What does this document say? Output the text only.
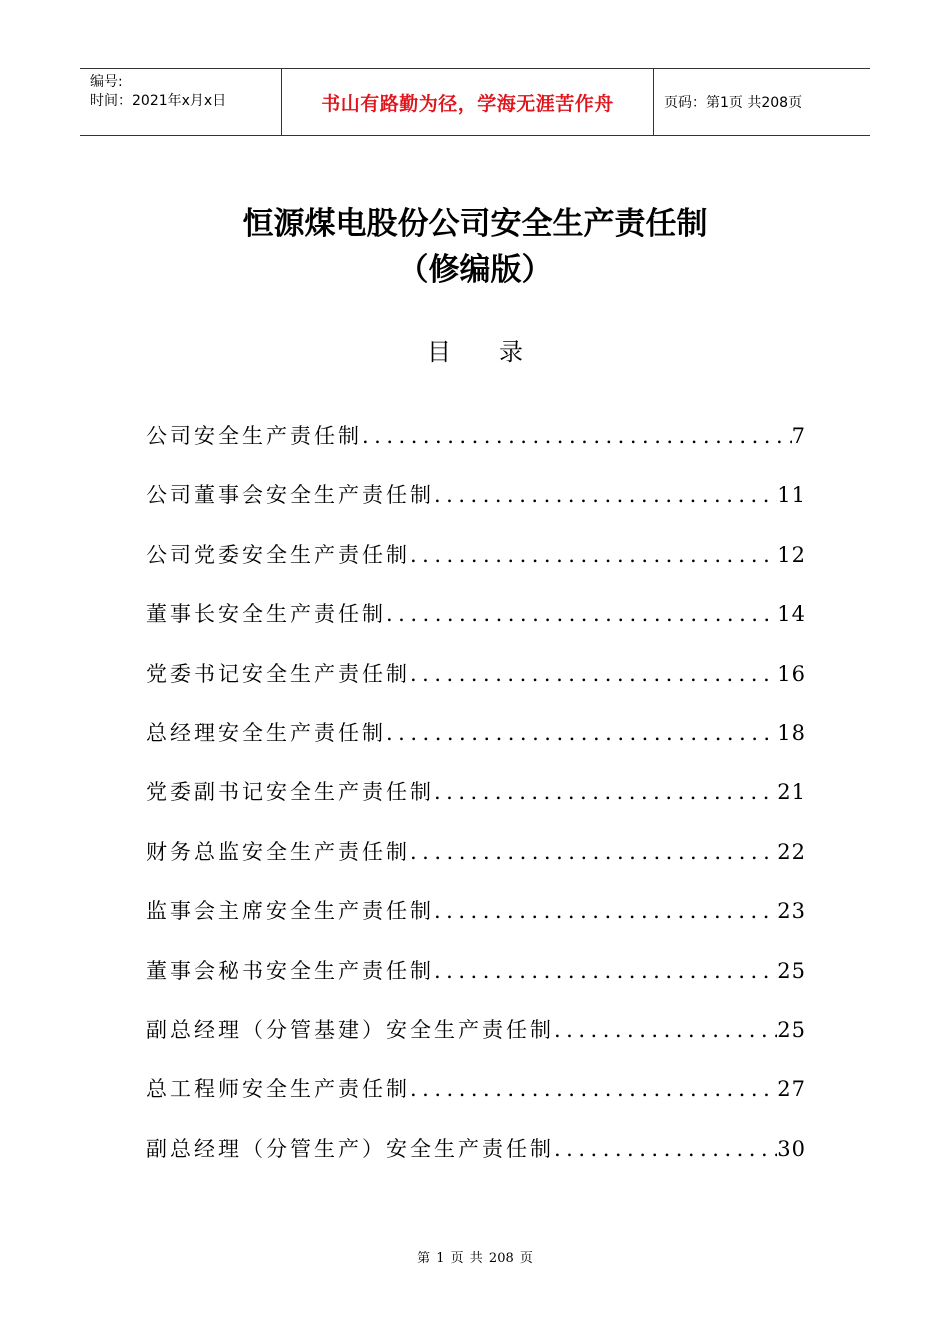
编号:
时间：2021年x月x日	书山有路勤为径，学海无涯苦作舟	页码：第1页 共208页
恒源煤电股份公司安全生产责任制
（修编版）
目录
公司安全生产责任制 .....	7
公司董事会安全生产责任制 .....	11
公司党委安全生产责任制 .....	12
董事长安全生产责任制 .....	14
党委书记安全生产责任制 .....	16
总经理安全生产责任制 .....	18
党委副书记安全生产责任制 .....	21
财务总监安全生产责任制 .....	22
监事会主席安全生产责任制 .....	23
董事会秘书安全生产责任制 .....	25
副总经理（分管基建）安全生产责任制 .....	25
总工程师安全生产责任制 .....	27
副总经理（分管生产）安全生产责任制 .....	30
第 1 页 共 208 页
